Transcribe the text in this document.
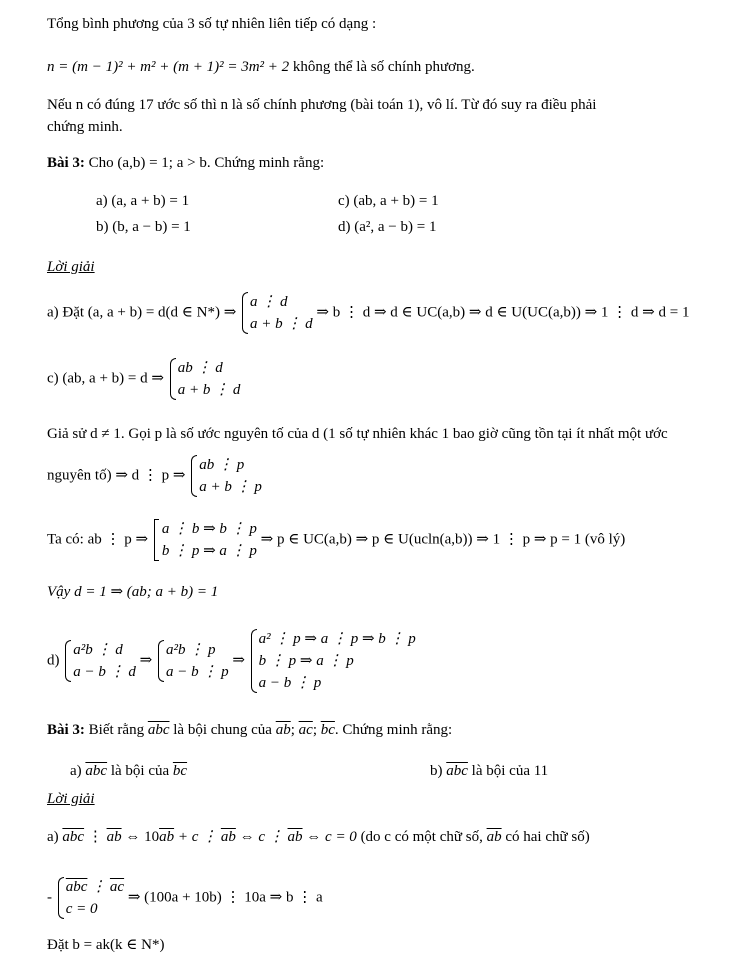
Tổng bình phương của 3 số tự nhiên liên tiếp có dạng :
n = (m − 1)² + m² + (m + 1)² = 3m² + 2 không thể là số chính phương.
Nếu n có đúng 17 ước số thì n là số chính phương (bài toán 1), vô lí. Từ đó suy ra điều phải
chứng minh.
Bài 3: Cho (a,b) = 1; a > b. Chứng minh rằng:
a) (a, a + b) = 1	c) (ab, a + b) = 1
b) (b, a − b) = 1	d) (a², a − b) = 1
Lời giải
a) Đặt (a, a + b) = d(d ∈ N*) ⇒
a ⋮ d
a + b ⋮ d
⇒ b ⋮ d ⇒ d ∈ UC(a,b) ⇒ d ∈ U(UC(a,b)) ⇒ 1 ⋮ d ⇒ d = 1
c) (ab, a + b) = d ⇒
ab ⋮ d
a + b ⋮ d
Giả sử d ≠ 1. Gọi p là số ước nguyên tố của d (1 số tự nhiên khác 1 bao giờ cũng tồn tại ít nhất một ước
nguyên tố) ⇒ d ⋮ p ⇒
ab ⋮ p
a + b ⋮ p
Ta có: ab ⋮ p ⇒
a ⋮ b ⇒ b ⋮ p
b ⋮ p ⇒ a ⋮ p
⇒ p ∈ UC(a,b) ⇒ p ∈ U(ucln(a,b)) ⇒ 1 ⋮ p ⇒ p = 1 (vô lý)
Vậy d = 1 ⇒ (ab; a + b) = 1
d)
a²b ⋮ d
a − b ⋮ d
⇒
a²b ⋮ p
a − b ⋮ p
⇒
a² ⋮ p ⇒ a ⋮ p ⇒ b ⋮ p
b ⋮ p ⇒ a ⋮ p
a − b ⋮ p
Bài 3: Biết rằng $\overline{abc}$ là bội chung của $\overline{ab}$; $\overline{ac}$; $\overline{bc}$. Chứng minh rằng:
a) $\overline{abc}$ là bội của $\overline{bc}$	b) $\overline{abc}$ là bội của 11
Lời giải
a) $\overline{abc}$ ⋮ $\overline{ab}$ ⇔ $10\overline{ab} + c$ ⋮ $\overline{ab}$ ⇔ c ⋮ $\overline{ab}$ ⇔ c = 0 (do c có một chữ số, $\overline{ab}$ có hai chữ số)
-
$\overline{abc}$ ⋮ $\overline{ac}$
c = 0
⇒ (100a + 10b) ⋮ 10a ⇒ b ⋮ a
Đặt b = ak(k ∈ N*)
